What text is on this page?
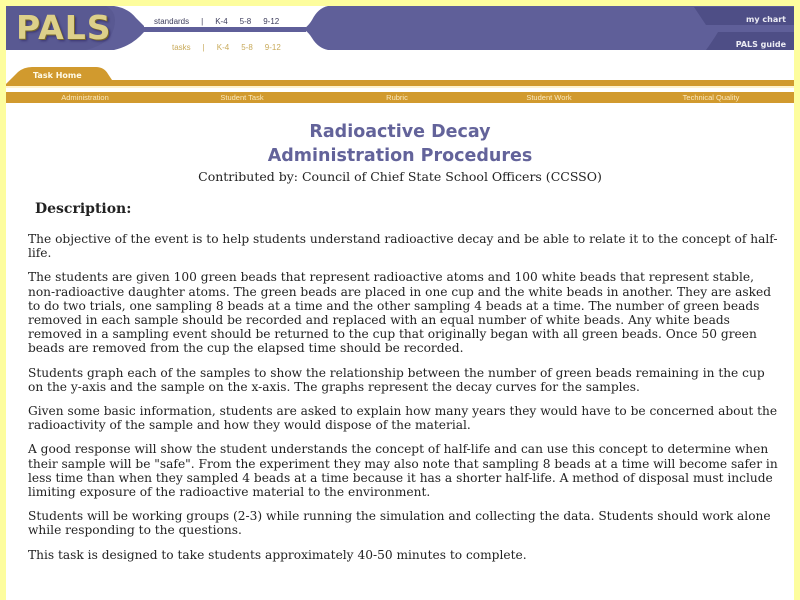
PALS	standards | K-4 5-8 9-12
tasks | K-4 5-8 9-12
my chart
PALS guide
Task Home
Administration	Student Task	Rubric	Student Work	Technical Quality
Radioactive Decay
Administration Procedures
Contributed by: Council of Chief State School Officers (CCSSO)
Description:

The objective of the event is to help students understand radioactive decay and be able to relate it to the concept of half-life.

The students are given 100 green beads that represent radioactive atoms and 100 white beads that represent stable, non-radioactive daughter atoms. The green beads are placed in one cup and the white beads in another. They are asked to do two trials, one sampling 8 beads at a time and the other sampling 4 beads at a time. The number of green beads removed in each sample should be recorded and replaced with an equal number of white beads. Any white beads removed in a sampling event should be returned to the cup that originally began with all green beads. Once 50 green beads are removed from the cup the elapsed time should be recorded.

Students graph each of the samples to show the relationship between the number of green beads remaining in the cup on the y-axis and the sample on the x-axis. The graphs represent the decay curves for the samples.

Given some basic information, students are asked to explain how many years they would have to be concerned about the radioactivity of the sample and how they would dispose of the material.

A good response will show the student understands the concept of half-life and can use this concept to determine when their sample will be "safe". From the experiment they may also note that sampling 8 beads at a time will become safer in less time than when they sampled 4 beads at a time because it has a shorter half-life. A method of disposal must include limiting exposure of the radioactive material to the environment.

Students will be working groups (2-3) while running the simulation and collecting the data. Students should work alone while responding to the questions.

This task is designed to take students approximately 40-50 minutes to complete.
